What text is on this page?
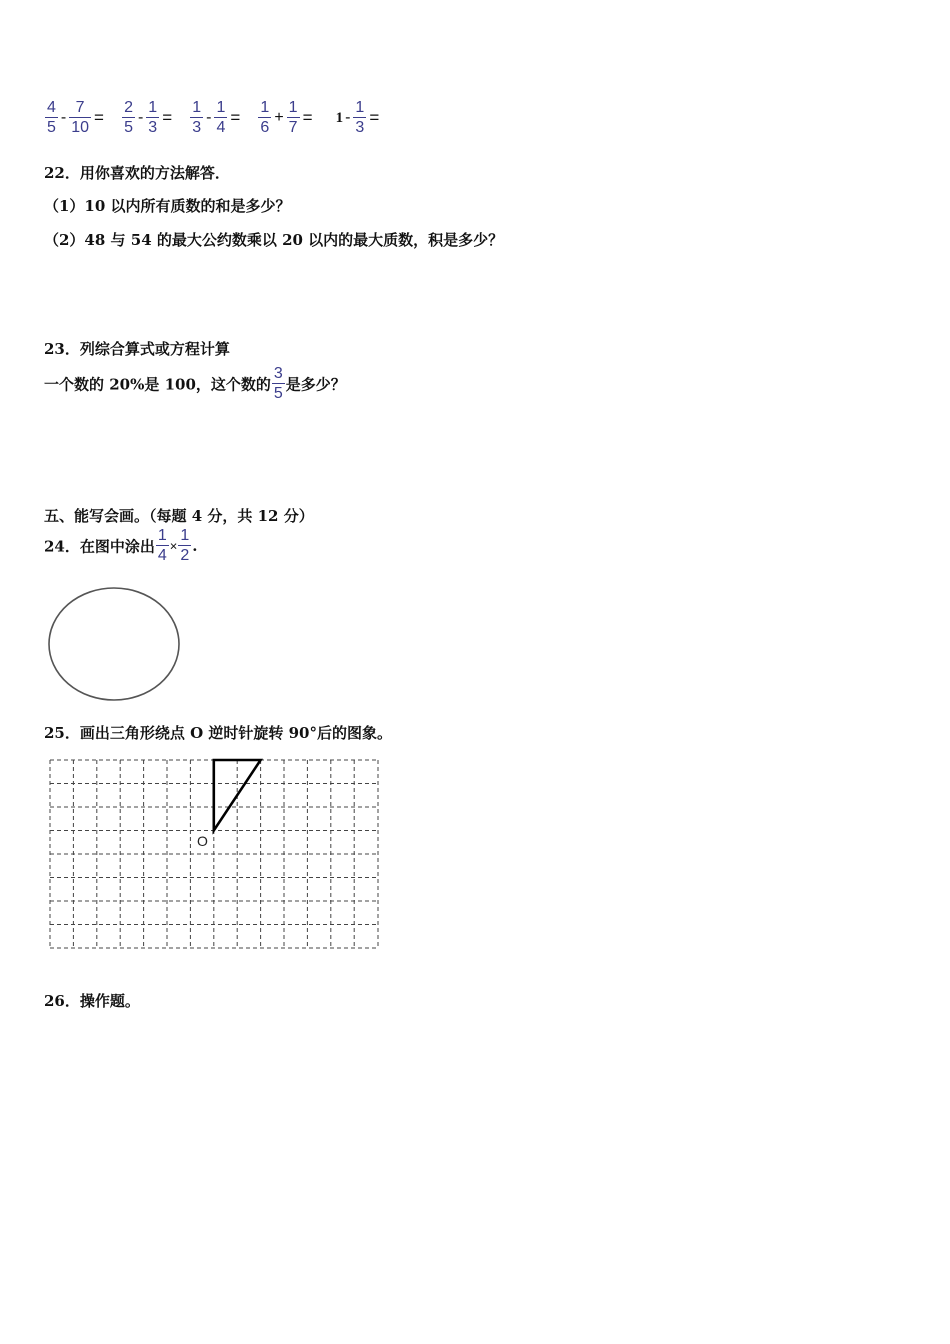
$\frac{4}{5} - \frac{7}{10} = \frac{2}{5} - \frac{1}{3} = \frac{1}{3} - \frac{1}{4} = \frac{1}{6} + \frac{1}{7} = 1 - \frac{1}{3}$ =
22．用你喜欢的方法解答．
（1）10 以内所有质数的和是多少？
（2）48 与 54 的最大公约数乘以 20 以内的最大质数，积是多少？
23．列综合算式或方程计算
一个数的 20%是 100，这个数的 $\frac{3}{5}$ 是多少？
五、能写会画。（每题 4 分，共 12 分）
24．在图中涂出 $\frac{1}{4} \times \frac{1}{2}$ .
25．画出三角形绕点 O 逆时针旋转 90°后的图象。
O
26．操作题。
